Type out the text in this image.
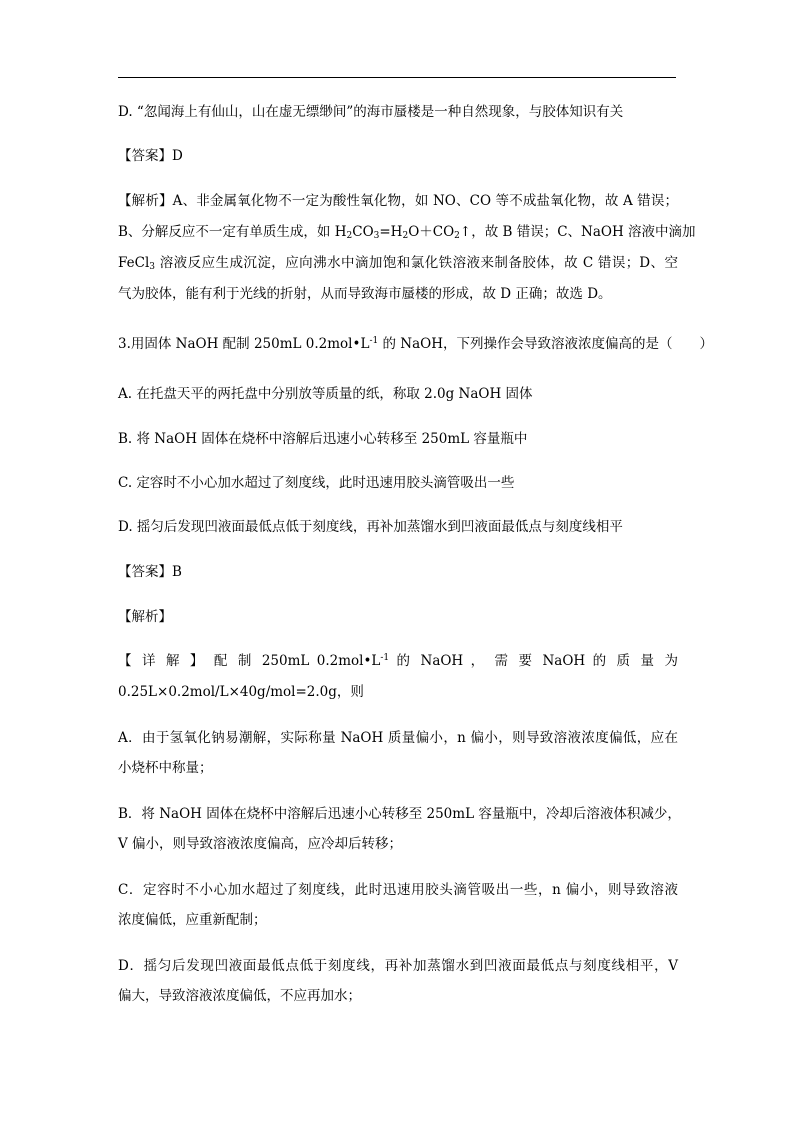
D. “忽闻海上有仙山，山在虚无缥缈间”的海市蜃楼是一种自然现象，与胶体知识有关
【答案】D
【解析】A、非金属氧化物不一定为酸性氧化物，如 NO、CO 等不成盐氧化物，故 A 错误；
B、分解反应不一定有单质生成，如 $H_2CO_3=H_2O+CO_2↑$，故 B 错误；C、NaOH 溶液中滴加
FeCl$_3$ 溶液反应生成沉淀，应向沸水中滴加饱和氯化铁溶液来制备胶体，故 C 错误；D、空
气为胶体，能有利于光线的折射，从而导致海市蜃楼的形成，故 D 正确；故选 D。
3.用固体 NaOH 配制 250mL $0.2mol•L^{-1}$ 的 NaOH，下列操作会导致溶液浓度偏高的是（　　）
A. 在托盘天平的两托盘中分别放等质量的纸，称取 2.0g NaOH 固体
B. 将 NaOH 固体在烧杯中溶解后迅速小心转移至 250mL 容量瓶中
C. 定容时不小心加水超过了刻度线，此时迅速用胶头滴管吸出一些
D. 摇匀后发现凹液面最低点低于刻度线，再补加蒸馏水到凹液面最低点与刻度线相平
【答案】B
【解析】
【 详 解 】 配 制 250mL $0.2mol•L^{-1}$ 的 NaOH ， 需 要 NaOH 的 质 量 为
0.25L×0.2mol/L×40g/mol=2.0g，则
A．由于氢氧化钠易潮解，实际称量 NaOH 质量偏小，n 偏小，则导致溶液浓度偏低，应在
小烧杯中称量；
B．将 NaOH 固体在烧杯中溶解后迅速小心转移至 250mL 容量瓶中，冷却后溶液体积减少，
V 偏小，则导致溶液浓度偏高，应冷却后转移；
C．定容时不小心加水超过了刻度线，此时迅速用胶头滴管吸出一些，n 偏小，则导致溶液
浓度偏低，应重新配制；
D．摇匀后发现凹液面最低点低于刻度线，再补加蒸馏水到凹液面最低点与刻度线相平，V
偏大，导致溶液浓度偏低，不应再加水；
